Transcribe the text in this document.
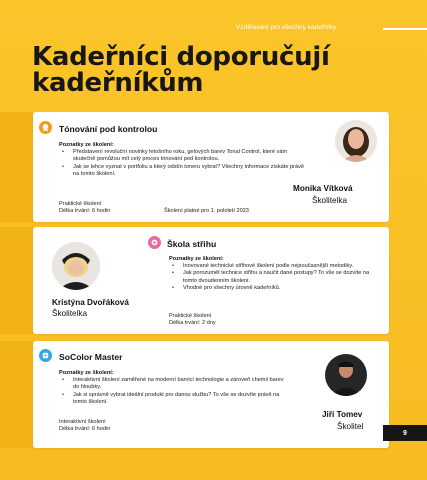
Vzdělávání pro všechny kadeřníky
Kadeřníci doporučují
kadeřníkům
Tónování pod kontrolou
Poznatky ze školení:
• Představení revoluční novinky letošního roku, gelových barev Tonal Control, které vám skutečně pomůžou mít celý proces tónování pod kontrolou.
• Jak se lehce vyznat v portfoliu a který odstín toneru vybrat? Všechny informace získáte právě na tomto školení.
Praktické školení
Délka trvání: 6 hodin	Školení platné pro 1. pololetí 2023
Monika Vítková
Školitelka
Kristýna Dvořáková
Školitelka
Škola střihu
Poznatky ze školení:
• Inovované technické střihové školení podle nejsoučasnější metodiky.
• Jak porozumět technice střihu a naučit dané postupy? To vše se dozvíte na tomto dvoudenním školení.
• Vhodné pro všechny úrovně kadeřníků.
Praktické školení
Délka trvání: 2 dny
SoColor Master
Poznatky ze školení:
• Interaktivní školení zaměřené na moderní barvicí technologie a zároveň chemii barev do hloubky.
• Jak si správně vybrat ideální produkt pro danou službu? To vše se dozvíte právě na tomto školení.
Interaktivní školení
Délka trvání: 6 hodin
Jiří Tomev
Školitel
9
